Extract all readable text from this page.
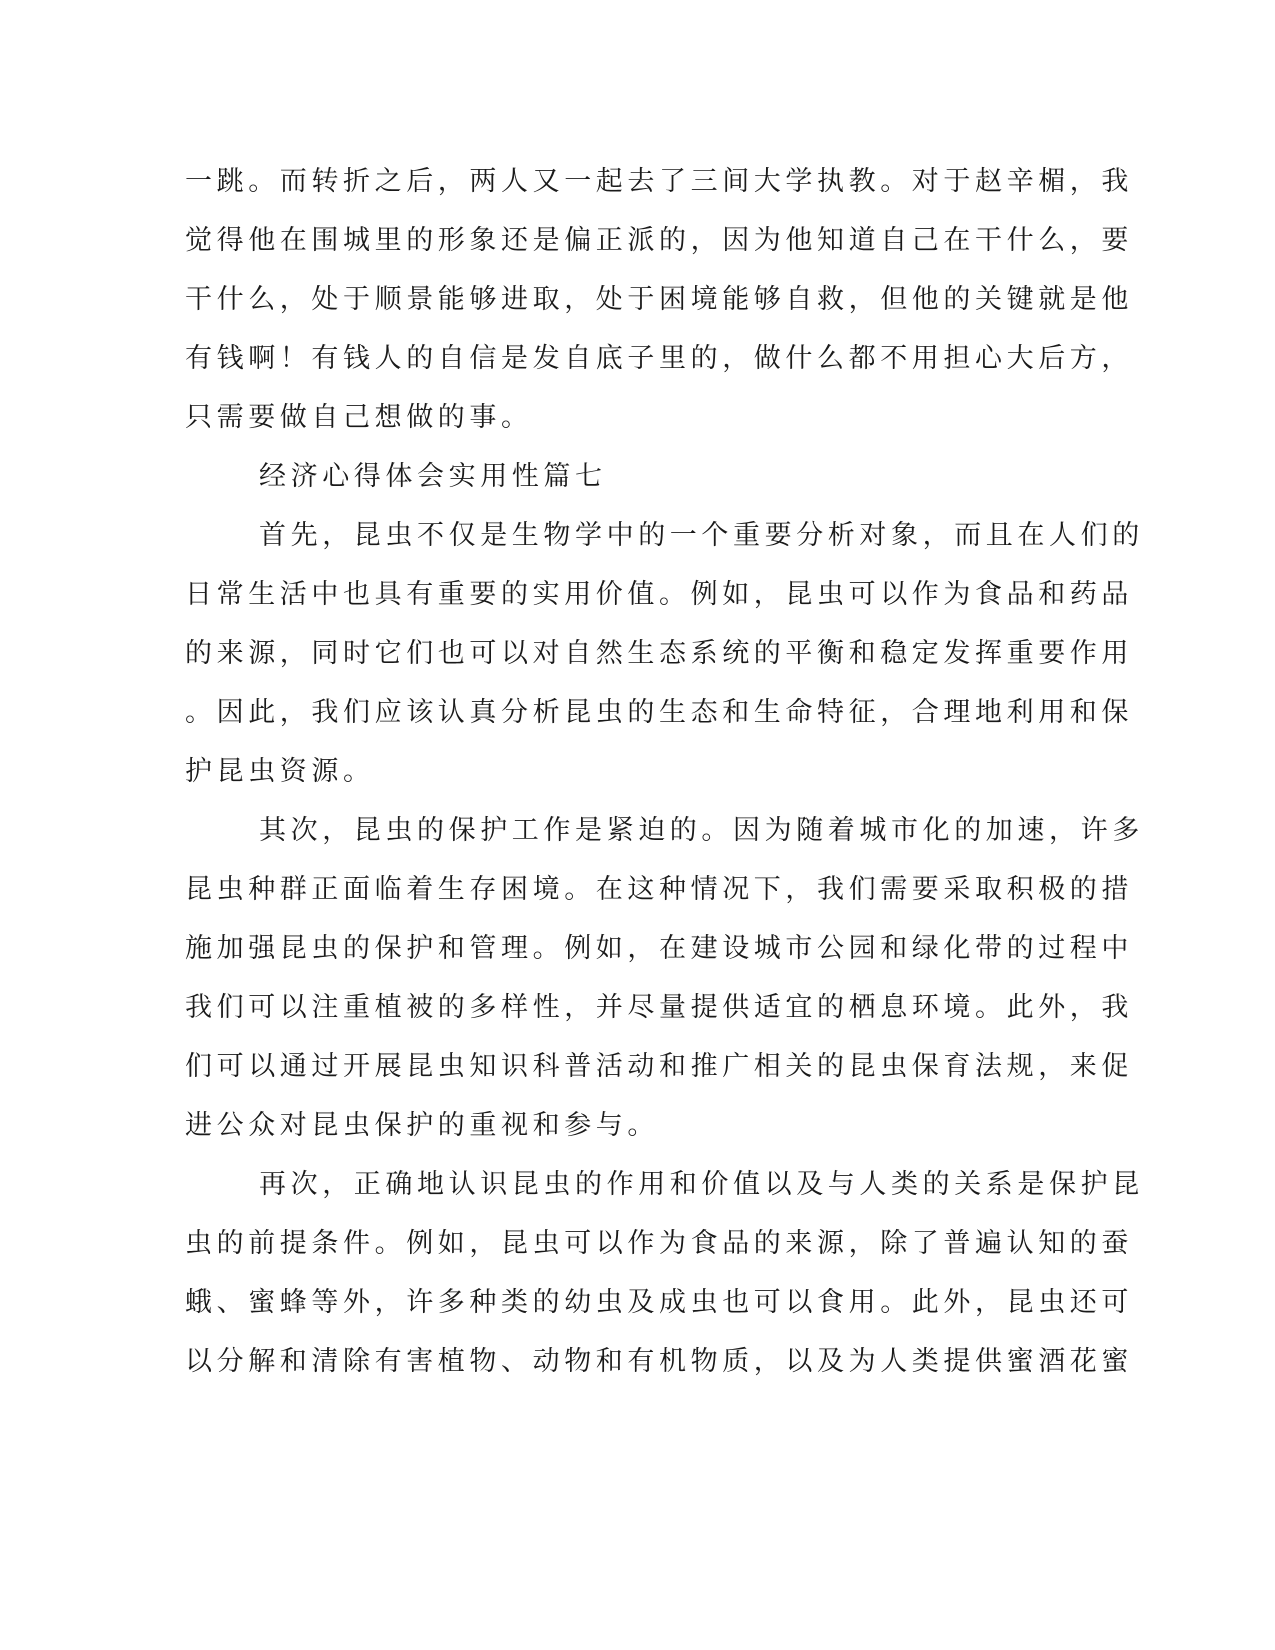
一跳。而转折之后，两人又一起去了三间大学执教。对于赵辛楣，我
觉得他在围城里的形象还是偏正派的，因为他知道自己在干什么，要
干什么，处于顺景能够进取，处于困境能够自救，但他的关键就是他
有钱啊！有钱人的自信是发自底子里的，做什么都不用担心大后方，
只需要做自己想做的事。
经济心得体会实用性篇七
首先，昆虫不仅是生物学中的一个重要分析对象，而且在人们的
日常生活中也具有重要的实用价值。例如，昆虫可以作为食品和药品
的来源，同时它们也可以对自然生态系统的平衡和稳定发挥重要作用
。因此，我们应该认真分析昆虫的生态和生命特征，合理地利用和保
护昆虫资源。
其次，昆虫的保护工作是紧迫的。因为随着城市化的加速，许多
昆虫种群正面临着生存困境。在这种情况下，我们需要采取积极的措
施加强昆虫的保护和管理。例如，在建设城市公园和绿化带的过程中
我们可以注重植被的多样性，并尽量提供适宜的栖息环境。此外，我
们可以通过开展昆虫知识科普活动和推广相关的昆虫保育法规，来促
进公众对昆虫保护的重视和参与。
再次，正确地认识昆虫的作用和价值以及与人类的关系是保护昆
虫的前提条件。例如，昆虫可以作为食品的来源，除了普遍认知的蚕
蛾、蜜蜂等外，许多种类的幼虫及成虫也可以食用。此外，昆虫还可
以分解和清除有害植物、动物和有机物质，以及为人类提供蜜酒花蜜
